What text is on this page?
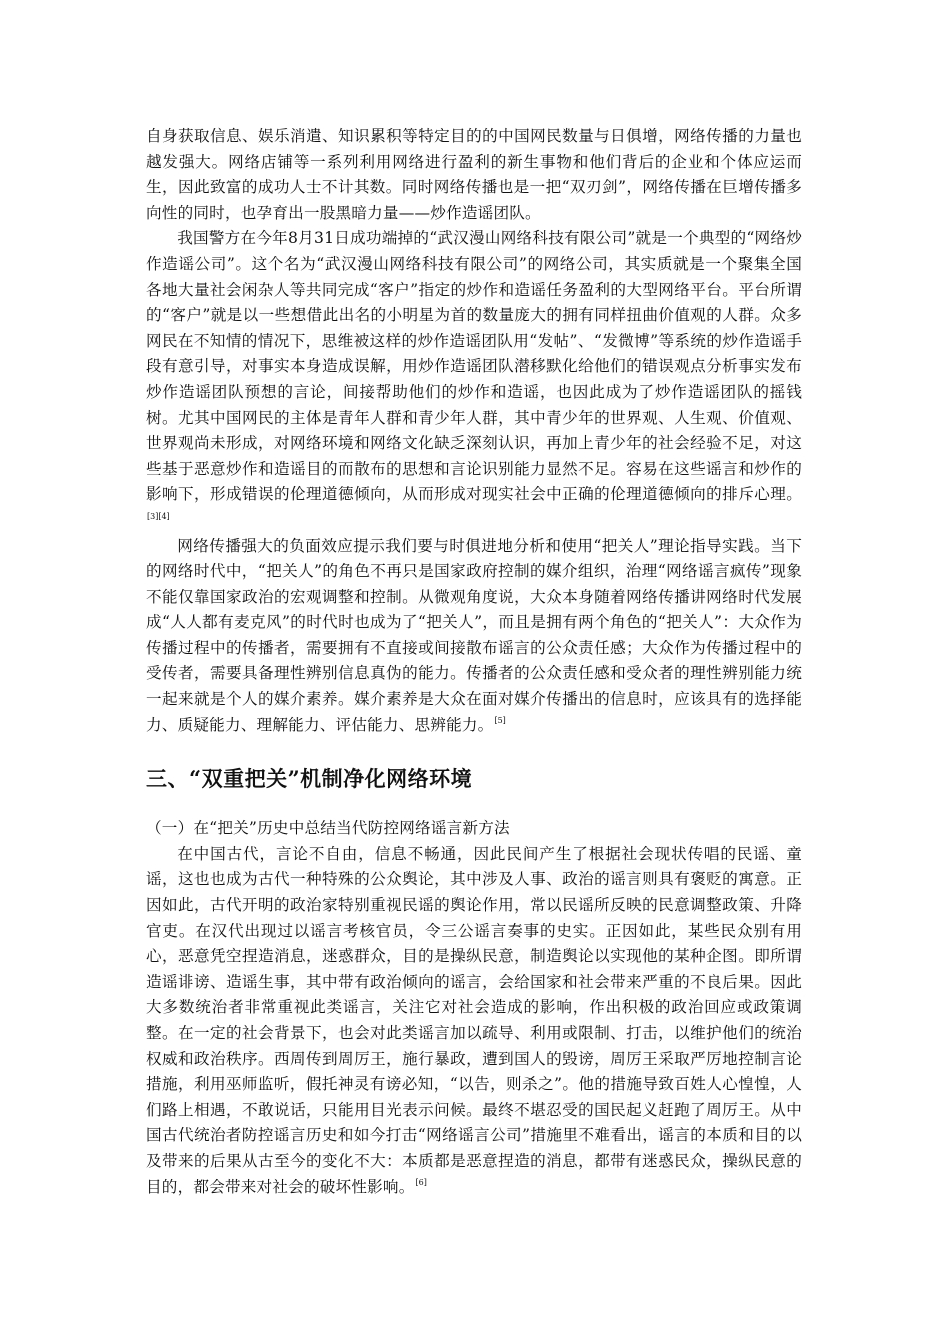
自身获取信息、娱乐消遣、知识累积等特定目的的中国网民数量与日俱增，网络传播的力量也越发强大。网络店铺等一系列利用网络进行盈利的新生事物和他们背后的企业和个体应运而生，因此致富的成功人士不计其数。同时网络传播也是一把“双刃剑”，网络传播在巨增传播多向性的同时，也孕育出一股黑暗力量——炒作造谣团队。

我国警方在今年8月31日成功端掉的“武汉漫山网络科技有限公司”就是一个典型的“网络炒作造谣公司”。这个名为“武汉漫山网络科技有限公司”的网络公司，其实质就是一个聚集全国各地大量社会闲杂人等共同完成“客户”指定的炒作和造谣任务盈利的大型网络平台。平台所谓的“客户”就是以一些想借此出名的小明星为首的数量庞大的拥有同样扭曲价值观的人群。众多网民在不知情的情况下，思维被这样的炒作造谣团队用“发帖”、“发微博”等系统的炒作造谣手段有意引导，对事实本身造成误解，用炒作造谣团队潜移默化给他们的错误观点分析事实发布炒作造谣团队预想的言论，间接帮助他们的炒作和造谣，也因此成为了炒作造谣团队的摇钱树。尤其中国网民的主体是青年人群和青少年人群，其中青少年的世界观、人生观、价值观、世界观尚未形成，对网络环境和网络文化缺乏深刻认识，再加上青少年的社会经验不足，对这些基于恶意炒作和造谣目的而散布的思想和言论识别能力显然不足。容易在这些谣言和炒作的影响下，形成错误的伦理道德倾向，从而形成对现实社会中正确的伦理道德倾向的排斥心理。[3][4]

网络传播强大的负面效应提示我们要与时俱进地分析和使用“把关人”理论指导实践。当下的网络时代中，“把关人”的角色不再只是国家政府控制的媒介组织，治理“网络谣言疯传”现象不能仅靠国家政治的宏观调整和控制。从微观角度说，大众本身随着网络传播讲网络时代发展成“人人都有麦克风”的时代时也成为了“把关人”，而且是拥有两个角色的“把关人”：大众作为传播过程中的传播者，需要拥有不直接或间接散布谣言的公众责任感；大众作为传播过程中的受传者，需要具备理性辨别信息真伪的能力。传播者的公众责任感和受众者的理性辨别能力统一起来就是个人的媒介素养。媒介素养是大众在面对媒介传播出的信息时，应该具有的选择能力、质疑能力、理解能力、评估能力、思辨能力。[5]

三、“双重把关”机制净化网络环境

（一）在“把关”历史中总结当代防控网络谣言新方法

在中国古代，言论不自由，信息不畅通，因此民间产生了根据社会现状传唱的民谣、童谣，这也也成为古代一种特殊的公众舆论，其中涉及人事、政治的谣言则具有褒贬的寓意。正因如此，古代开明的政治家特别重视民谣的舆论作用，常以民谣所反映的民意调整政策、升降官吏。在汉代出现过以谣言考核官员，令三公谣言奏事的史实。正因如此，某些民众别有用心，恶意凭空捏造消息，迷惑群众，目的是操纵民意，制造舆论以实现他的某种企图。即所谓造谣诽谤、造谣生事，其中带有政治倾向的谣言，会给国家和社会带来严重的不良后果。因此大多数统治者非常重视此类谣言，关注它对社会造成的影响，作出积极的政治回应或政策调整。在一定的社会背景下，也会对此类谣言加以疏导、利用或限制、打击，以维护他们的统治权威和政治秩序。西周传到周厉王，施行暴政，遭到国人的毁谤，周厉王采取严厉地控制言论措施，利用巫师监听，假托神灵有谤必知，“以告，则杀之”。他的措施导致百姓人心惶惶，人们路上相遇，不敢说话，只能用目光表示问候。最终不堪忍受的国民起义赶跑了周厉王。从中国古代统治者防控谣言历史和如今打击“网络谣言公司”措施里不难看出，谣言的本质和目的以及带来的后果从古至今的变化不大：本质都是恶意捏造的消息，都带有迷惑民众，操纵民意的目的，都会带来对社会的破坏性影响。[6]
